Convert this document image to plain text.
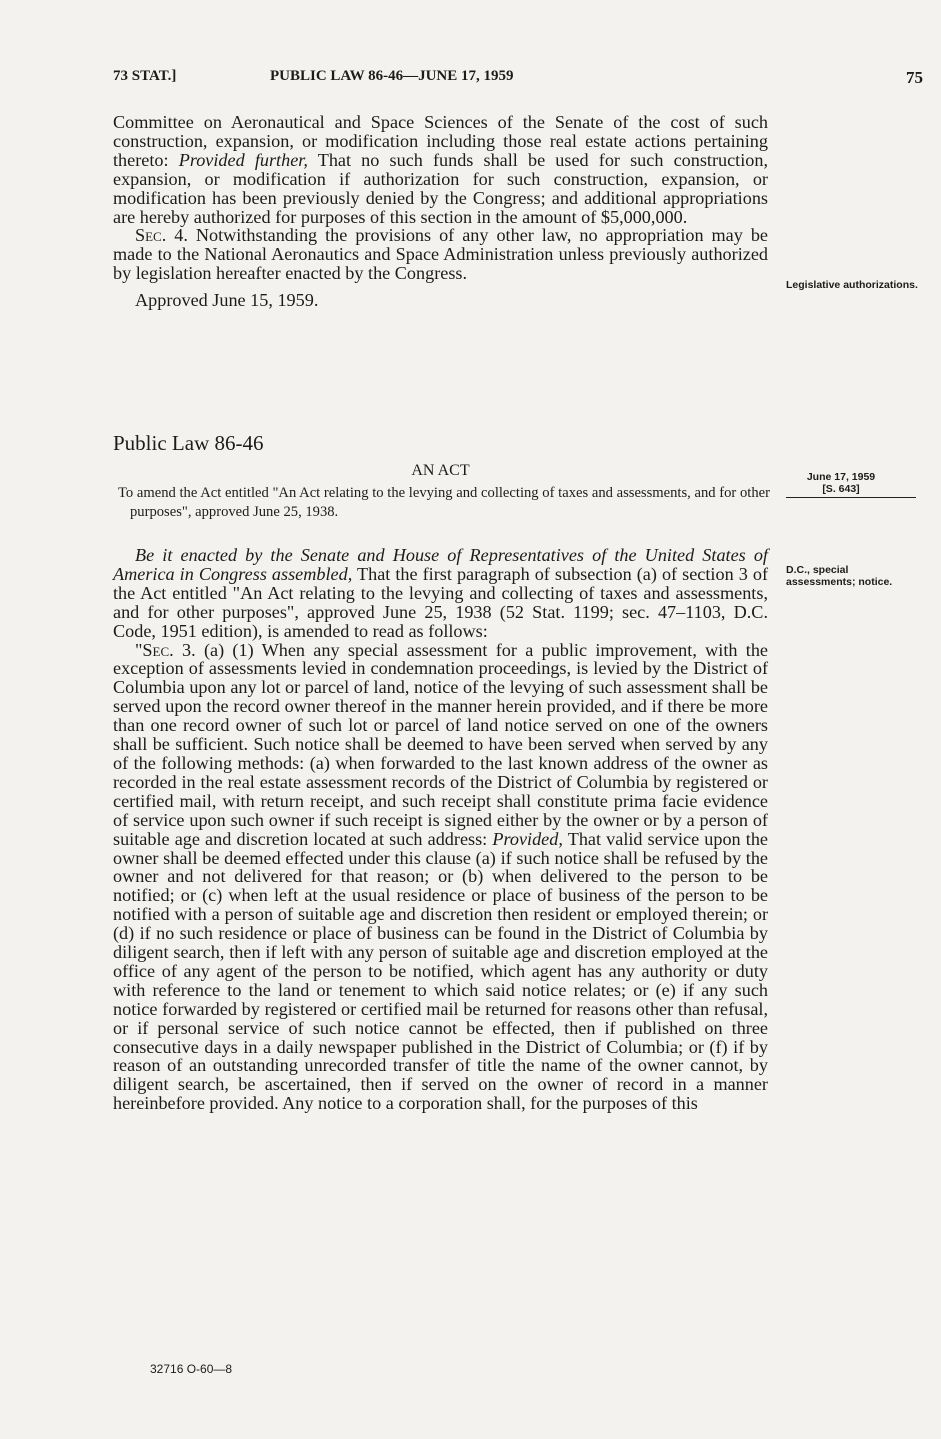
73 STAT.]	PUBLIC LAW 86-46—JUNE 17, 1959	75

Committee on Aeronautical and Space Sciences of the Senate of the cost of such construction, expansion, or modification including those real estate actions pertaining thereto: Provided further, That no such funds shall be used for such construction, expansion, or modification if authorization for such construction, expansion, or modification has been previously denied by the Congress; and additional appropriations are hereby authorized for purposes of this section in the amount of $5,000,000.

Sec. 4. Notwithstanding the provisions of any other law, no appropriation may be made to the National Aeronautics and Space Administration unless previously authorized by legislation hereafter enacted by the Congress.

Approved June 15, 1959.

Public Law 86-46
AN ACT
To amend the Act entitled "An Act relating to the levying and collecting of taxes and assessments, and for other purposes", approved June 25, 1938.

Be it enacted by the Senate and House of Representatives of the United States of America in Congress assembled, That the first paragraph of subsection (a) of section 3 of the Act entitled "An Act relating to the levying and collecting of taxes and assessments, and for other purposes", approved June 25, 1938 (52 Stat. 1199; sec. 47–1103, D.C. Code, 1951 edition), is amended to read as follows:

"Sec. 3. (a) (1) When any special assessment for a public improvement, with the exception of assessments levied in condemnation proceedings, is levied by the District of Columbia upon any lot or parcel of land, notice of the levying of such assessment shall be served upon the record owner thereof in the manner herein provided, and if there be more than one record owner of such lot or parcel of land notice served on one of the owners shall be sufficient. Such notice shall be deemed to have been served when served by any of the following methods: (a) when forwarded to the last known address of the owner as recorded in the real estate assessment records of the District of Columbia by registered or certified mail, with return receipt, and such receipt shall constitute prima facie evidence of service upon such owner if such receipt is signed either by the owner or by a person of suitable age and discretion located at such address: Provided, That valid service upon the owner shall be deemed effected under this clause (a) if such notice shall be refused by the owner and not delivered for that reason; or (b) when delivered to the person to be notified; or (c) when left at the usual residence or place of business of the person to be notified with a person of suitable age and discretion then resident or employed therein; or (d) if no such residence or place of business can be found in the District of Columbia by diligent search, then if left with any person of suitable age and discretion employed at the office of any agent of the person to be notified, which agent has any authority or duty with reference to the land or tenement to which said notice relates; or (e) if any such notice forwarded by registered or certified mail be returned for reasons other than refusal, or if personal service of such notice cannot be effected, then if published on three consecutive days in a daily newspaper published in the District of Columbia; or (f) if by reason of an outstanding unrecorded transfer of title the name of the owner cannot, by diligent search, be ascertained, then if served on the owner of record in a manner hereinbefore provided. Any notice to a corporation shall, for the purposes of this

Legislative authorizations.
June 17, 1959
[S. 643]
D.C., special assessments; notice.
32716 O-60—8
